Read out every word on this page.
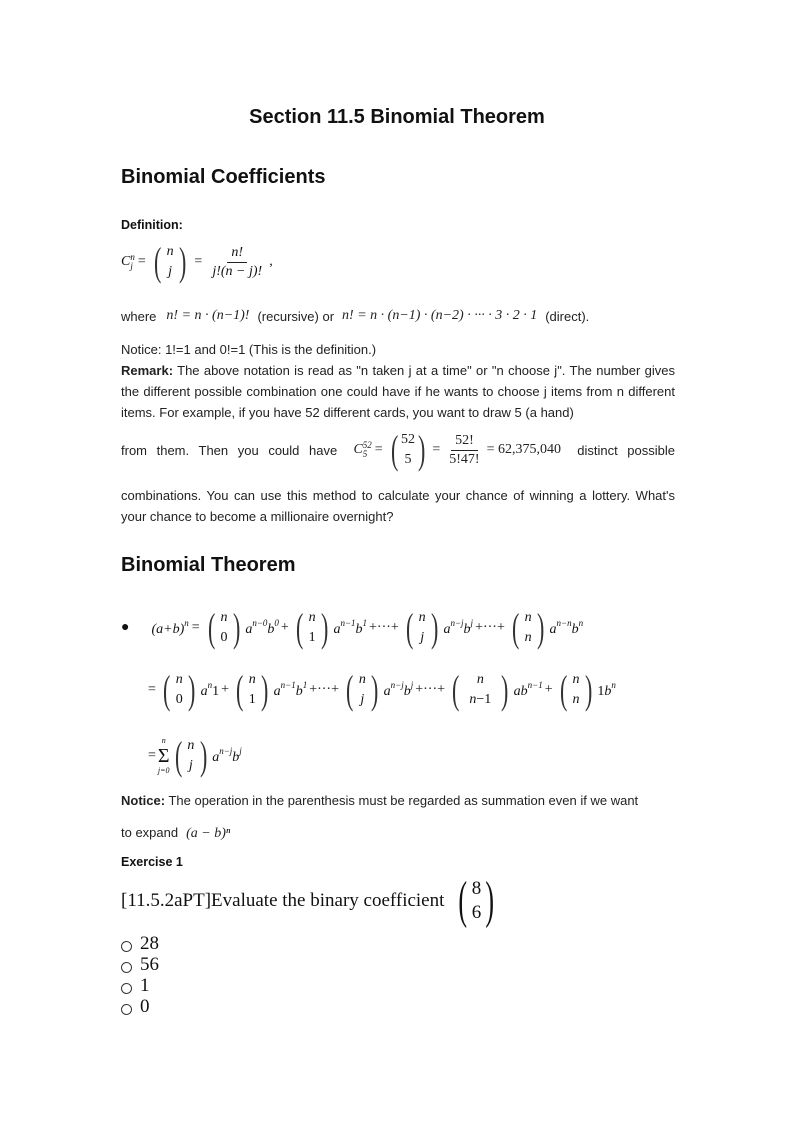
Section 11.5 Binomial Theorem
Binomial Coefficients
Definition:
C n
j = ( n
j ) = $\frac{n!}{j!(n - j)!}$ ,
where n! = n · (n−1)! (recursive) or n! = n · (n−1) · (n−2) · ··· · 3 · 2 · 1 (direct).
Notice: 1!=1 and 0!=1 (This is the definition.)
Remark: The above notation is read as "n taken j at a time" or "n choose j". The number gives the different possible combination one could have if he wants to choose j items from n different items. For example, if you have 52 different cards, you want to draw 5 (a hand)
from them. Then you could have C 52
5 = ( 52
5 ) = $\frac{52!}{5!47!} = 62,375,040$ distinct possible
combinations. You can use this method to calculate your chance of winning a lottery. What's your chance to become a millionaire overnight?
Binomial Theorem
● $(a+b)^n$ = ( n
0 ) $a^{n-0}b^0$ + ( n
1 ) $a^{n-1}b^1$ +···+ ( n
j ) $a^{n-j}b^j$ +···+ ( n
n ) $a^{n-n}b^n$
= ( n
0 ) $a^n1$ + ( n
1 ) $a^{n-1}b^1$ +···+ ( n
j ) $a^{n-j}b^j$ +···+ ( n
n−1 ) $ab^{n-1}$ + ( n
n ) $1b^n$
=
n
Σ
j=0 ( n
j ) $a^{n-j}b^j$
Notice: The operation in the parenthesis must be regarded as summation even if we want
to expand (a − b)ⁿ
Exercise 1
[11.5.2aPT]Evaluate the binary coefficient ( 8
6 )
28
56
1
0
